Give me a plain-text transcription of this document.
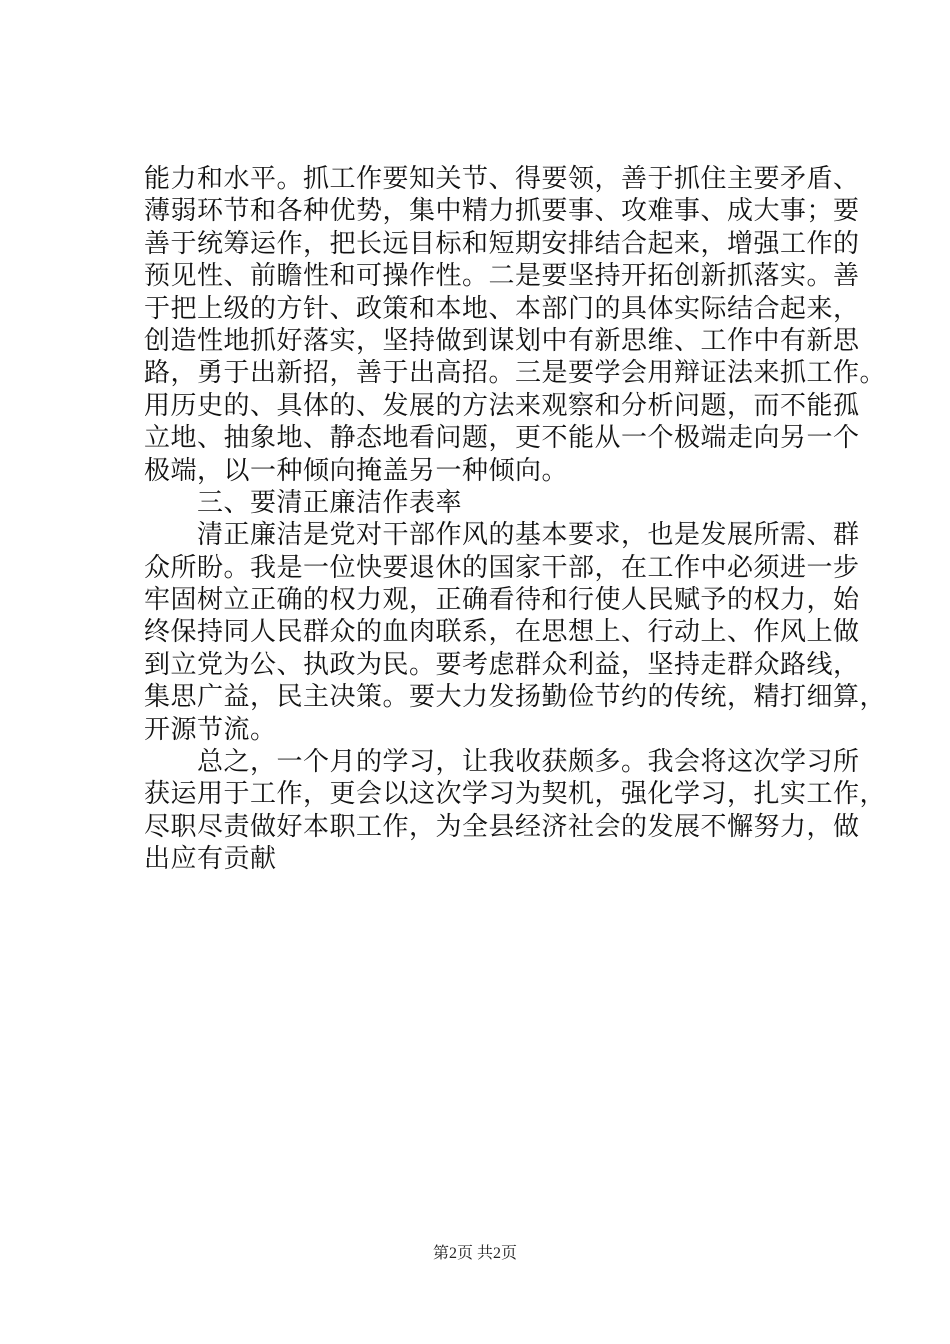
能力和水平。抓工作要知关节、得要领，善于抓住主要矛盾、
薄弱环节和各种优势，集中精力抓要事、攻难事、成大事；要
善于统筹运作，把长远目标和短期安排结合起来，增强工作的
预见性、前瞻性和可操作性。二是要坚持开拓创新抓落实。善
于把上级的方针、政策和本地、本部门的具体实际结合起来，
创造性地抓好落实，坚持做到谋划中有新思维、工作中有新思
路，勇于出新招，善于出高招。三是要学会用辩证法来抓工作。
用历史的、具体的、发展的方法来观察和分析问题，而不能孤
立地、抽象地、静态地看问题，更不能从一个极端走向另一个
极端，以一种倾向掩盖另一种倾向。
　　三、要清正廉洁作表率
　　清正廉洁是党对干部作风的基本要求，也是发展所需、群
众所盼。我是一位快要退休的国家干部，在工作中必须进一步
牢固树立正确的权力观，正确看待和行使人民赋予的权力，始
终保持同人民群众的血肉联系，在思想上、行动上、作风上做
到立党为公、执政为民。要考虑群众利益，坚持走群众路线，
集思广益，民主决策。要大力发扬勤俭节约的传统，精打细算，
开源节流。
　　总之，一个月的学习，让我收获颇多。我会将这次学习所
获运用于工作，更会以这次学习为契机，强化学习，扎实工作，
尽职尽责做好本职工作，为全县经济社会的发展不懈努力，做
出应有贡献
第2页 共2页
